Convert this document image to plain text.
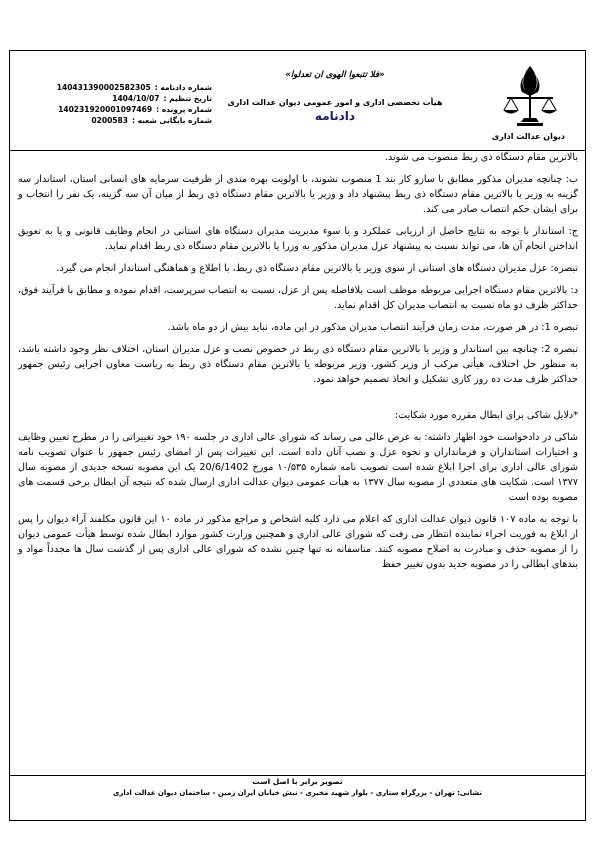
دیوان عدالت اداری
«فلا تتبعوا الهوی ان تعدلوا»
هیأت تخصصی اداری و امور عمومی دیوان عدالت اداری
دادنامه
شماره دادنامه :
140431390002582305
تاریخ تنظیم :
1404/10/07
شماره پرونده :
140231920001097469
شماره بایگانی شعبه :
0200583

بالاترین مقام دستگاه ذی ربط منصوب می شوند.

ب: چنانچه مدیران مذکور مطابق با سازو کار بند 1 منصوب نشوند، با اولویت بهره مندی از ظرفیت سرمایه های انسانی استان، استاندار سه گزینه به وزیر یا بالاترین مقام دستگاه ذی ربط پیشنهاد داد و وزیر یا بالاترین مقام دستگاه ذی ربط از میان آن سه گزینه، یک نفر را انتخاب و برای ایشان حکم انتصاب صادر می کند.

ج: استاندار با توجه به نتایج حاصل از ارزیابی عملکرد و یا سوء مدیریت مدیران دستگاه های استانی در انجام وظایف قانونی و یا به تعویق انداختن انجام آن ها، می تواند نسبت به پیشنهاد عزل مدیران مذکور به وزرا یا بالاترین مقام دستگاه ذی ربط اقدام نماید.

تبصره: عزل مدیران دستگاه های استانی از سوی وزیر یا بالاترین مقام دستگاه ذی ربط، با اطلاع و هماهنگی استاندار انجام می گیرد.

د: بالاترین مقام دستگاه اجرایی مربوطه موظف است بلافاصله پس از عزل، نسبت به انتصاب سرپرست، اقدام نموده و مطابق با فرآیند فوق، حداکثر ظرف دو ماه نسبت به انتصاب مدیران کل اقدام نماید.

تبصره 1: در هر صورت، مدت زمان فرآیند انتصاب مدیران مذکور در این ماده، نباید بیش از دو ماه باشد.

تبصره 2: چنانچه بین استاندار و وزیر یا بالاترین مقام دستگاه ذی ربط در خصوص نصب و عزل مدیران استان، اختلاف نظر وجود داشته باشد، به منظور حل اختلاف، هیأتی مرکب از وزیر کشور، وزیر مربوطه یا بالاترین مقام دستگاه ذی ربط به ریاست معاون اجرایی رئیس جمهور حداکثر ظرف مدت ده روز کاری تشکیل و اتخاذ تصمیم خواهد نمود.

*دلایل شاکی برای ابطال مقرره مورد شکایت:

شاکی در دادخواست خود اظهار داشته: به عرض عالی می رساند که شورای عالی اداری در جلسه ۱۹۰ خود تغییراتی را در مطرح تعیین وظایف و اختیارات استانداران و فرمانداران و نحوه عزل و نصب آنان داده است. این تغییرات پس از امضای رئیس جمهور با عنوان تصویب نامه شورای عالی اداری برای اجرا ابلاغ شده است تصویب نامه شماره ۱۰/۵۳۵ مورخ 20/6/1402 یک این مصوبه نسخه جدیدی از مصوبه سال ۱۳۷۷ است. شکایت های متعددی از مصوبه سال ۱۳۷۷ به هیأت عمومی دیوان عدالت اداری ارسال شده که نتیجه آن ابطال برخی قسمت های مصوبه بوده است

با توجه به ماده ۱۰۷ قانون دیوان عدالت اداری که اعلام می دارد کلیه اشخاص و مراجع مذکور در ماده ۱۰ این قانون مکلفند آراء دیوان را پس از ابلاغ به فوریت اجراء نماینده انتظار می رفت که شورای عالی اداری و همچنین وزارت کشور موارد ابطال شده توسط هیأت عمومی دیوان را از مصوبه حذف و مبادرت به اصلاح مصوبه کنند. متاسفانه نه تنها چنین نشده که شورای عالی اداری پس از گذشت سال ها مجدداً مواد و بندهای ابطالی را در مصوبه جدید بدون تغییر حفظ

تصویر برابر با اصل است
نشانی: تهران - بزرگراه ستاری - بلوار شهید مخبری - نبش خیابان ایران زمین - ساختمان دیوان عدالت اداری
